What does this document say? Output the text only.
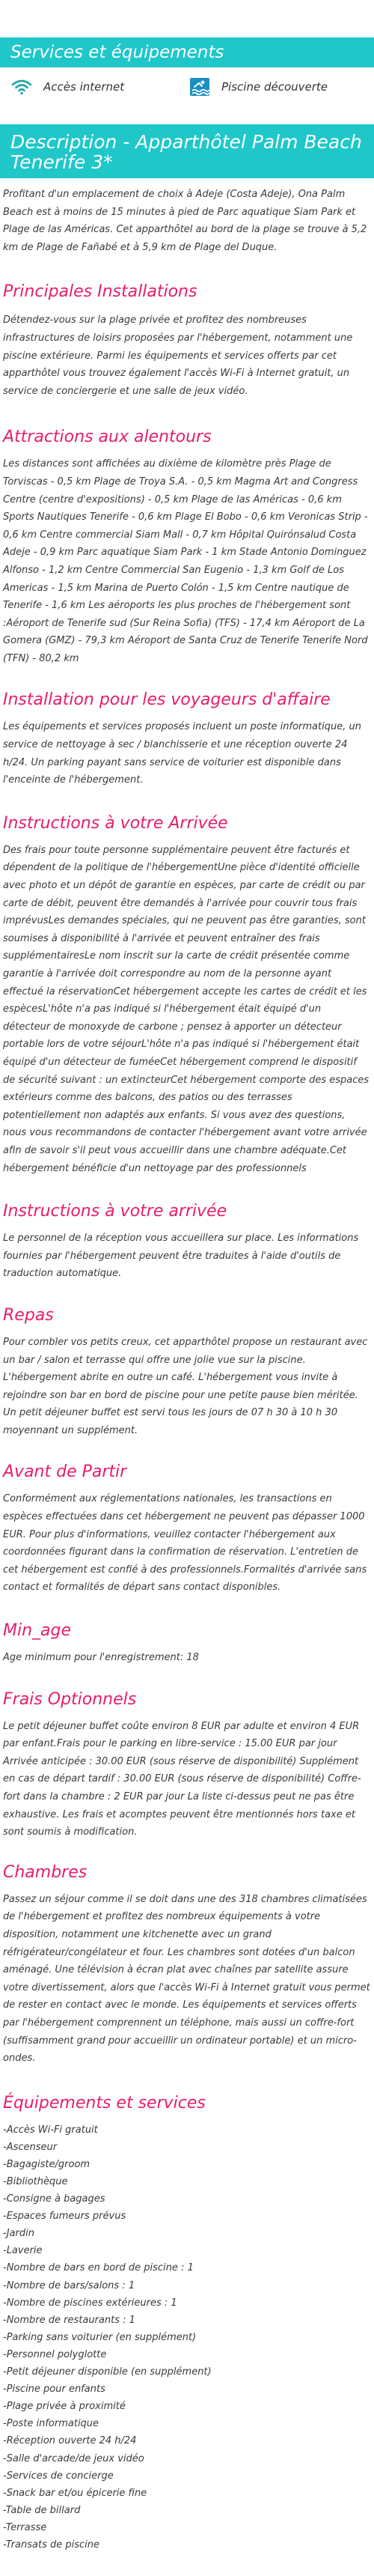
Services et équipements
Accès internet	Piscine découverte
Description - Apparthôtel Palm Beach Tenerife 3*

Profitant d'un emplacement de choix à Adeje (Costa Adeje), Ona Palm Beach est à moins de 15 minutes à pied de Parc aquatique Siam Park et Plage de las Américas. Cet apparthôtel au bord de la plage se trouve à 5,2 km de Plage de Fañabé et à 5,9 km de Plage del Duque.

Principales Installations

Détendez-vous sur la plage privée et profitez des nombreuses infrastructures de loisirs proposées par l'hébergement, notamment une piscine extérieure. Parmi les équipements et services offerts par cet apparthôtel vous trouvez également l'accès Wi-Fi à Internet gratuit, un service de conciergerie et une salle de jeux vidéo.

Attractions aux alentours

Les distances sont affichées au dixième de kilomètre près Plage de Torviscas - 0,5 km Plage de Troya S.A. - 0,5 km Magma Art and Congress Centre (centre d'expositions) - 0,5 km Plage de las Américas - 0,6 km Sports Nautiques Tenerife - 0,6 km Plage El Bobo - 0,6 km Veronicas Strip - 0,6 km Centre commercial Siam Mall - 0,7 km Hôpital Quirónsalud Costa Adeje - 0,9 km Parc aquatique Siam Park - 1 km Stade Antonio Dominguez Alfonso - 1,2 km Centre Commercial San Eugenio - 1,3 km Golf de Los Americas - 1,5 km Marina de Puerto Colón - 1,5 km Centre nautique de Tenerife - 1,6 km Les aéroports les plus proches de l'hébergement sont :Aéroport de Tenerife sud (Sur Reina Sofia) (TFS) - 17,4 km Aéroport de La Gomera (GMZ) - 79,3 km Aéroport de Santa Cruz de Tenerife Tenerife Nord (TFN) - 80,2 km

Installation pour les voyageurs d'affaire

Les équipements et services proposés incluent un poste informatique, un service de nettoyage à sec / blanchisserie et une réception ouverte 24 h/24. Un parking payant sans service de voiturier est disponible dans l'enceinte de l'hébergement.

Instructions à votre Arrivée

Des frais pour toute personne supplémentaire peuvent être facturés et dépendent de la politique de l'hébergementUne pièce d'identité officielle avec photo et un dépôt de garantie en espèces, par carte de crédit ou par carte de débit, peuvent être demandés à l'arrivée pour couvrir tous frais imprévusLes demandes spéciales, qui ne peuvent pas être garanties, sont soumises à disponibilité à l'arrivée et peuvent entraîner des frais supplémentairesLe nom inscrit sur la carte de crédit présentée comme garantie à l'arrivée doit correspondre au nom de la personne ayant effectué la réservationCet hébergement accepte les cartes de crédit et les espècesL'hôte n'a pas indiqué si l'hébergement était équipé d'un détecteur de monoxyde de carbone ; pensez à apporter un détecteur portable lors de votre séjourL'hôte n'a pas indiqué si l'hébergement était équipé d'un détecteur de fuméeCet hébergement comprend le dispositif de sécurité suivant : un extincteurCet hébergement comporte des espaces extérieurs comme des balcons, des patios ou des terrasses potentiellement non adaptés aux enfants. Si vous avez des questions, nous vous recommandons de contacter l'hébergement avant votre arrivée afin de savoir s'il peut vous accueillir dans une chambre adéquate.Cet hébergement bénéficie d'un nettoyage par des professionnels

Instructions à votre arrivée

Le personnel de la réception vous accueillera sur place. Les informations fournies par l'hébergement peuvent être traduites à l'aide d'outils de traduction automatique.

Repas

Pour combler vos petits creux, cet apparthôtel propose un restaurant avec un bar / salon et terrasse qui offre une jolie vue sur la piscine. L'hébergement abrite en outre un café. L'hébergement vous invite à rejoindre son bar en bord de piscine pour une petite pause bien méritée. Un petit déjeuner buffet est servi tous les jours de 07 h 30 à 10 h 30 moyennant un supplément.

Avant de Partir

Conformément aux réglementations nationales, les transactions en espèces effectuées dans cet hébergement ne peuvent pas dépasser 1000 EUR. Pour plus d'informations, veuillez contacter l'hébergement aux coordonnées figurant dans la confirmation de réservation. L'entretien de cet hébergement est confié à des professionnels.Formalités d'arrivée sans contact et formalités de départ sans contact disponibles.

Min_age

Age minimum pour l'enregistrement: 18

Frais Optionnels

Le petit déjeuner buffet coûte environ 8 EUR par adulte et environ 4 EUR par enfant.Frais pour le parking en libre-service : 15.00 EUR par jour Arrivée anticipée : 30.00 EUR (sous réserve de disponibilité) Supplément en cas de départ tardif : 30.00 EUR (sous réserve de disponibilité) Coffre-fort dans la chambre : 2 EUR par jour La liste ci-dessus peut ne pas être exhaustive. Les frais et acomptes peuvent être mentionnés hors taxe et sont soumis à modification.

Chambres

Passez un séjour comme il se doit dans une des 318 chambres climatisées de l'hébergement et profitez des nombreux équipements à votre disposition, notamment une kitchenette avec un grand réfrigérateur/congélateur et four. Les chambres sont dotées d'un balcon aménagé. Une télévision à écran plat avec chaînes par satellite assure votre divertissement, alors que l'accès Wi-Fi à Internet gratuit vous permet de rester en contact avec le monde. Les équipements et services offerts par l'hébergement comprennent un téléphone, mais aussi un coffre-fort (suffisamment grand pour accueillir un ordinateur portable) et un micro-ondes.

Équipements et services
-Accès Wi-Fi gratuit
-Ascenseur
-Bagagiste/groom
-Bibliothèque
-Consigne à bagages
-Espaces fumeurs prévus
-Jardin
-Laverie
-Nombre de bars en bord de piscine : 1
-Nombre de bars/salons : 1
-Nombre de piscines extérieures : 1
-Nombre de restaurants : 1
-Parking sans voiturier (en supplément)
-Personnel polyglotte
-Petit déjeuner disponible (en supplément)
-Piscine pour enfants
-Plage privée à proximité
-Poste informatique
-Réception ouverte 24 h/24
-Salle d'arcade/de jeux vidéo
-Services de concierge
-Snack bar et/ou épicerie fine
-Table de billard
-Terrasse
-Transats de piscine
